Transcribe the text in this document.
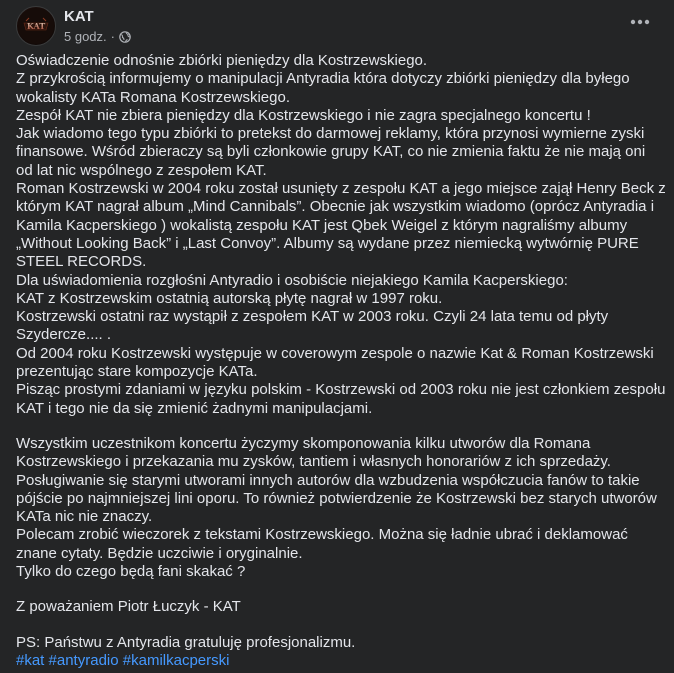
KAT
KAT
5 godz. ·

Oświadczenie odnośnie zbiórki pieniędzy dla Kostrzewskiego.

Z przykrością informujemy o manipulacji Antyradia która dotyczy zbiórki pieniędzy dla byłego wokalisty KATa Romana Kostrzewskiego.

Zespół KAT nie zbiera pieniędzy dla Kostrzewskiego i nie zagra specjalnego koncertu !

Jak wiadomo tego typu zbiórki to pretekst do darmowej reklamy, która przynosi wymierne zyski finansowe. Wśród zbieraczy są byli członkowie grupy KAT, co nie zmienia faktu że nie mają oni od lat nic wspólnego z zespołem KAT.

Roman Kostrzewski w 2004 roku został usunięty z zespołu KAT a jego miejsce zajął Henry Beck z którym KAT nagrał album „Mind Cannibals”. Obecnie jak wszystkim wiadomo (oprócz Antyradia i Kamila Kacperskiego ) wokalistą zespołu KAT jest Qbek Weigel z którym nagraliśmy albumy „Without Looking Back” i „Last Convoy”. Albumy są wydane przez niemiecką wytwórnię PURE STEEL RECORDS.

Dla uświadomienia rozgłośni Antyradio i osobiście niejakiego Kamila Kacperskiego:

KAT z Kostrzewskim ostatnią autorską płytę nagrał w 1997 roku.

Kostrzewski ostatni raz wystąpił z zespołem KAT w 2003 roku. Czyli 24 lata temu od płyty Szyderczе.... .

Od 2004 roku Kostrzewski występuje w coverowym zespole o nazwie Kat & Roman Kostrzewski prezentując stare kompozycje KATa.

Pisząc prostymi zdaniami w języku polskim - Kostrzewski od 2003 roku nie jest członkiem zespołu KAT i tego nie da się zmienić żadnymi manipulacjami.

Wszystkim uczestnikom koncertu życzymy skomponowania kilku utworów dla Romana Kostrzewskiego i przekazania mu zysków, tantiem i własnych honorariów z ich sprzedaży.

Posługiwanie się starymi utworami innych autorów dla wzbudzenia współczucia fanów to takie pójście po najmniejszej lini oporu. To również potwierdzenie że Kostrzewski bez starych utworów KATa nic nie znaczy.

Polecam zrobić wieczorek z tekstami Kostrzewskiego. Można się ładnie ubrać i deklamować znane cytaty. Będzie uczciwie i oryginalnie.

Tylko do czego będą fani skakać ?

Z poważaniem Piotr Łuczyk - KAT

PS: Państwu z Antyradia gratuluję profesjonalizmu.

#kat #antyradio #kamilkacperski
